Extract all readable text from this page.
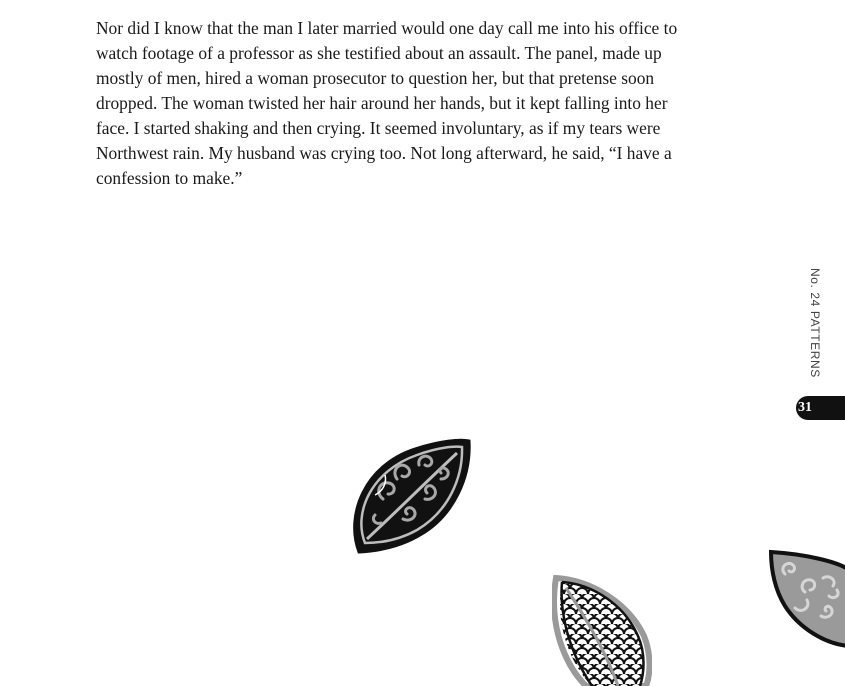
Nor did I know that the man I later married would one day call me into his office to
watch footage of a professor as she testified about an assault. The panel, made up
mostly of men, hired a woman prosecutor to question her, but that pretense soon
dropped. The woman twisted her hair around her hands, but it kept falling into her
face. I started shaking and then crying. It seemed involuntary, as if my tears were
Northwest rain. My husband was crying too. Not long afterward, he said, “I have a
confession to make.”

No. 24 PATTERNS
31
